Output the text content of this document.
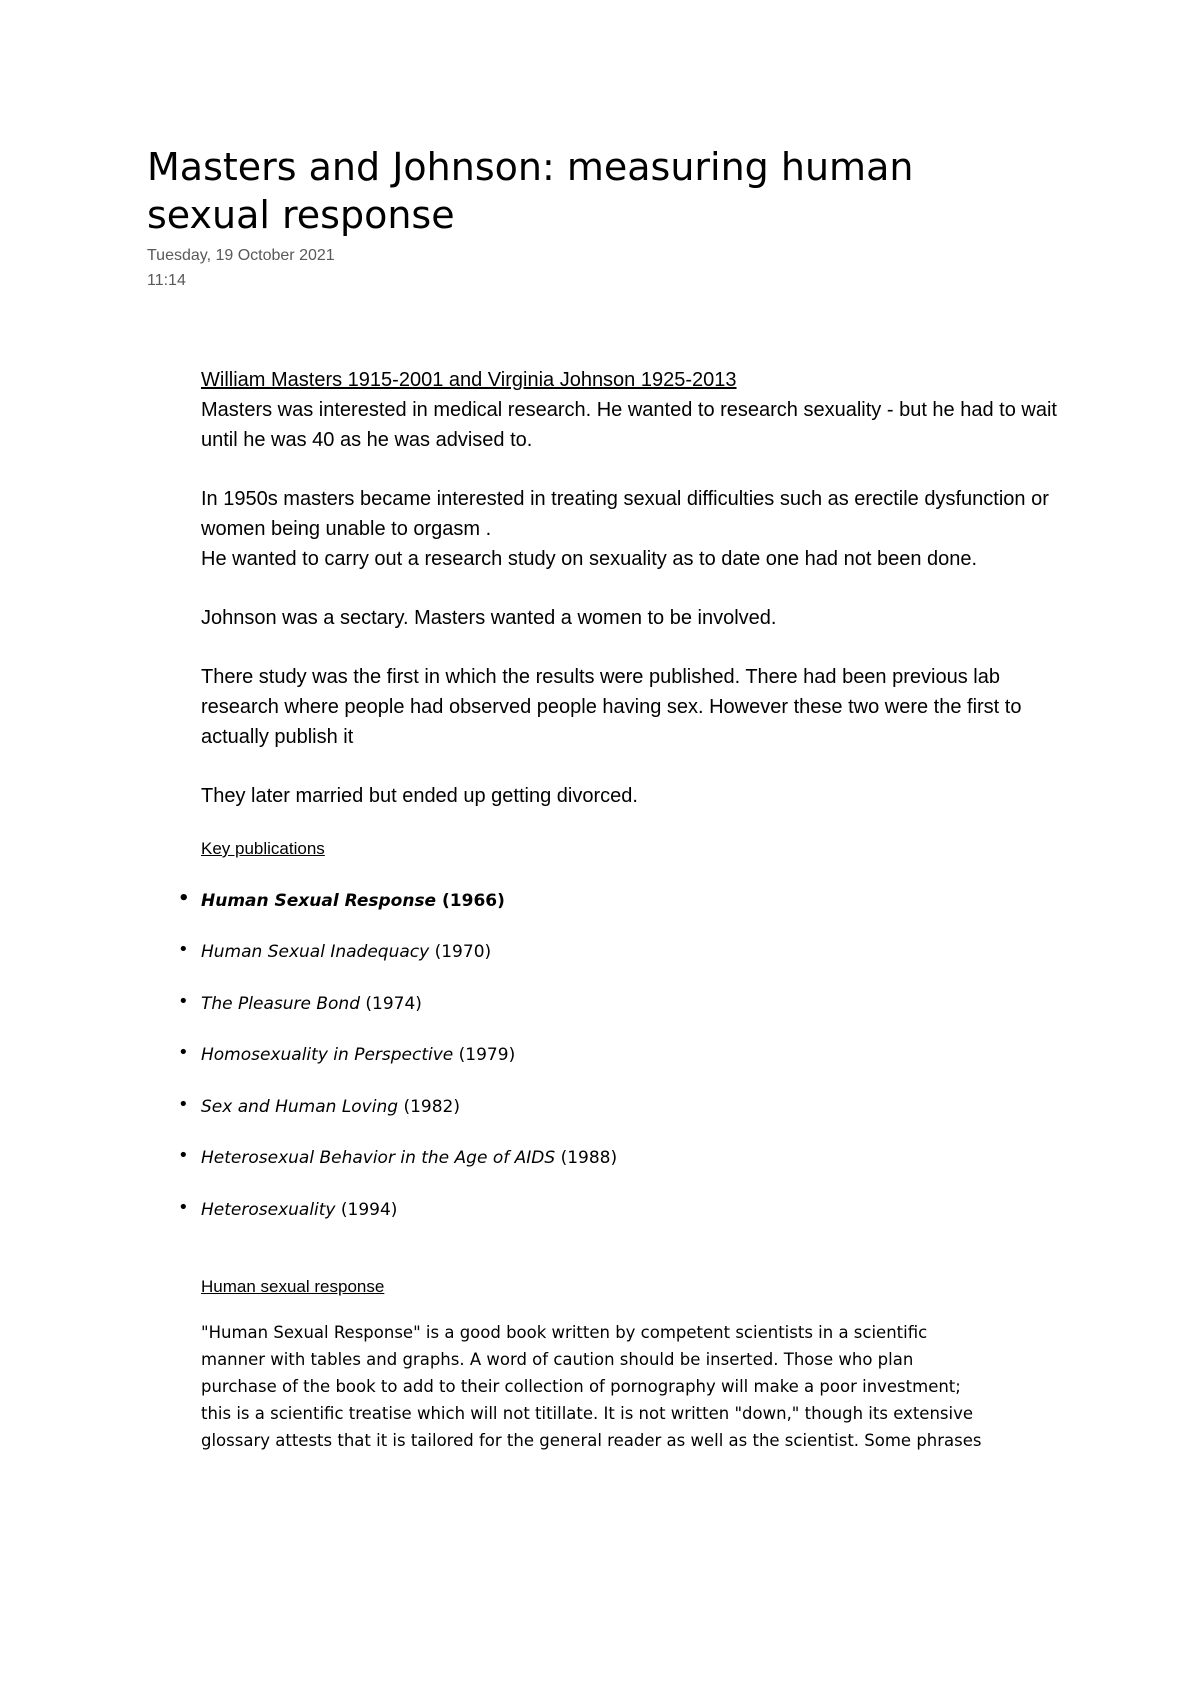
Masters and Johnson: measuring human sexual response
Tuesday, 19 October 2021
11:14

William Masters 1915-2001 and Virginia Johnson 1925-2013

Masters was interested in medical research. He wanted to research sexuality - but he had to wait until he was 40 as he was advised to.

In 1950s masters became interested in treating sexual difficulties such as erectile dysfunction or women being unable to orgasm .

He wanted to carry out a research study on sexuality as to date one had not been done.

Johnson was a sectary. Masters wanted a women to be involved.

There study was the first in which the results were published. There had been previous lab research where people had observed people having sex. However these two were the first to actually publish it

They later married but ended up getting divorced.

Key publications

• Human Sexual Response (1966)
• Human Sexual Inadequacy (1970)
• The Pleasure Bond (1974)
• Homosexuality in Perspective (1979)
• Sex and Human Loving (1982)
• Heterosexual Behavior in the Age of AIDS (1988)
• Heterosexuality (1994)

Human sexual response

"Human Sexual Response" is a good book written by competent scientists in a scientific
manner with tables and graphs. A word of caution should be inserted. Those who plan
purchase of the book to add to their collection of pornography will make a poor investment;
this is a scientific treatise which will not titillate. It is not written "down," though its extensive
glossary attests that it is tailored for the general reader as well as the scientist. Some phrases
